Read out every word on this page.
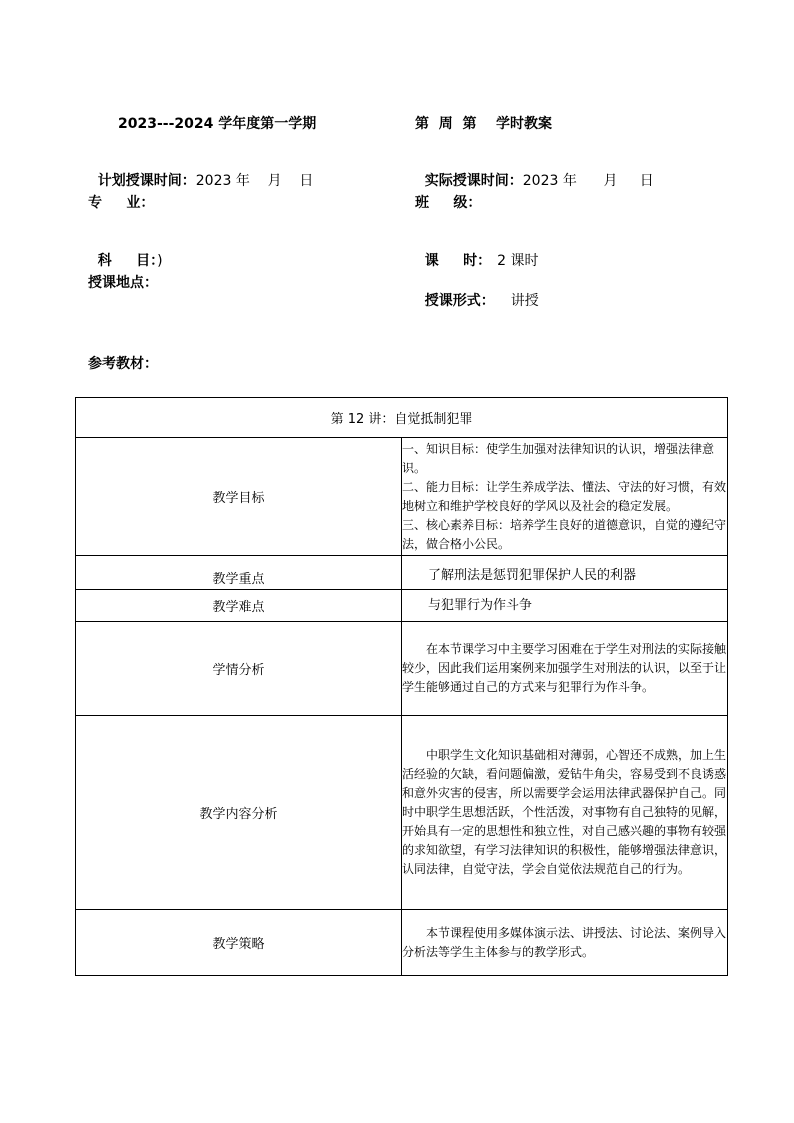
2023---2024 学年度第一学期	第  周  第    学时教案

计划授课时间：2023 年    月    日	实际授课时间：2023 年      月     日

专     业：	班     级：

科     目：)	课     时： 2 课时

授课地点：

授课形式： 讲授

参考教材：
第 12 讲：自觉抵制犯罪	
教学目标	一、知识目标：使学生加强对法律知识的认识，增强法律意识。

二、能力目标：让学生养成学法、懂法、守法的好习惯，有效地树立和维护学校良好的学风以及社会的稳定发展。

三、核心素养目标：培养学生良好的道德意识，自觉的遵纪守法，做合格小公民。

教学重点	了解刑法是惩罚犯罪保护人民的利器

教学难点	与犯罪行为作斗争

学情分析	在本节课学习中主要学习困难在于学生对刑法的实际接触较少，因此我们运用案例来加强学生对刑法的认识，以至于让学生能够通过自己的方式来与犯罪行为作斗争。

教学内容分析	中职学生文化知识基础相对薄弱，心智还不成熟，加上生活经验的欠缺，看问题偏激，爱钻牛角尖，容易受到不良诱惑和意外灾害的侵害，所以需要学会运用法律武器保护自己。同时中职学生思想活跃，个性活泼，对事物有自己独特的见解，开始具有一定的思想性和独立性，对自己感兴趣的事物有较强的求知欲望，有学习法律知识的积极性，能够增强法律意识，认同法律，自觉守法，学会自觉依法规范自己的行为。

教学策略	本节课程使用多媒体演示法、讲授法、讨论法、案例导入分析法等学生主体参与的教学形式。
